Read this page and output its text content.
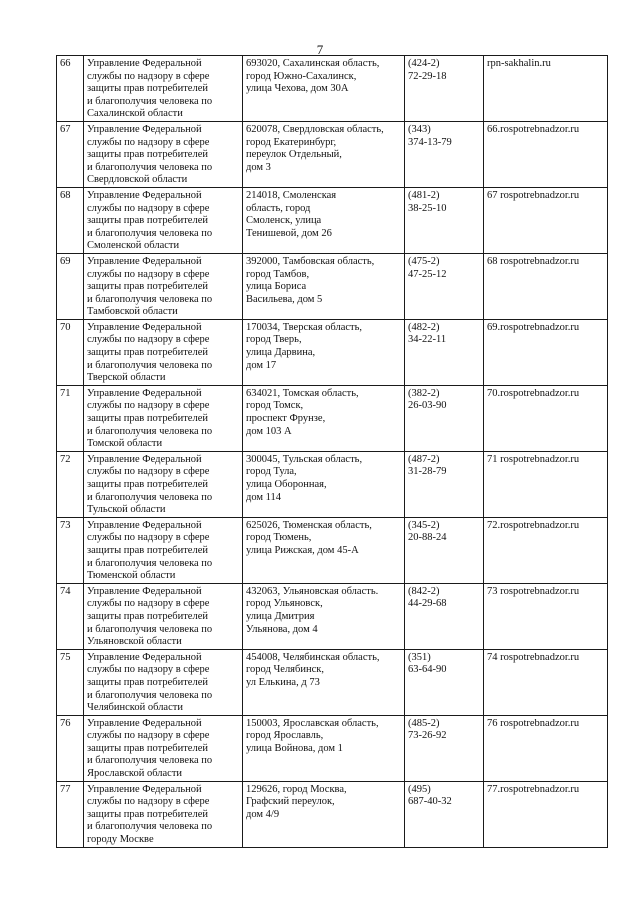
7
66	Управление Федеральной
службы по надзору в сфере
защиты прав потребителей
и благополучия человека по
Сахалинской области	693020, Сахалинская область,
город Южно-Сахалинск,
улица Чехова, дом 30А	(424-2)
72-29-18	rpn-sakhalin.ru
67	Управление Федеральной
службы по надзору в сфере
защиты прав потребителей
и благополучия человека по
Свердловской области	620078, Свердловская область,
город Екатеринбург,
переулок Отдельный,
дом 3	(343)
374-13-79	66.rospotrebnadzor.ru
68	Управление Федеральной
службы по надзору в сфере
защиты прав потребителей
и благополучия человека по
Смоленской области	214018, Смоленская
область, город
Смоленск, улица
Тенишевой, дом 26	(481-2)
38-25-10	67 rospotrebnadzor.ru
69	Управление Федеральной
службы по надзору в сфере
защиты прав потребителей
и благополучия человека по
Тамбовской области	392000, Тамбовская область,
город Тамбов,
улица Бориса
Васильева, дом 5	(475-2)
47-25-12	68 rospotrebnadzor.ru
70	Управление Федеральной
службы по надзору в сфере
защиты прав потребителей
и благополучия человека по
Тверской области	170034, Тверская область,
город Тверь,
улица Дарвина,
дом 17	(482-2)
34-22-11	69.rospotrebnadzor.ru
71	Управление Федеральной
службы по надзору в сфере
защиты прав потребителей
и благополучия человека по
Томской области	634021, Томская область,
город Томск,
проспект Фрунзе,
дом 103 А	(382-2)
26-03-90	70.rospotrebnadzor.ru
72	Управление Федеральной
службы по надзору в сфере
защиты прав потребителей
и благополучия человека по
Тульской области	300045, Тульская область,
город Тула,
улица Оборонная,
дом 114	(487-2)
31-28-79	71 rospotrebnadzor.ru
73	Управление Федеральной
службы по надзору в сфере
защиты прав потребителей
и благополучия человека по
Тюменской области	625026, Тюменская область,
город Тюмень,
улица Рижская, дом 45-А	(345-2)
20-88-24	72.rospotrebnadzor.ru
74	Управление Федеральной
службы по надзору в сфере
защиты прав потребителей
и благополучия человека по
Ульяновской области	432063, Ульяновская область.
город Ульяновск,
улица Дмитрия
Ульянова, дом 4	(842-2)
44-29-68	73 rospotrebnadzor.ru
75	Управление Федеральной
службы по надзору в сфере
защиты прав потребителей
и благополучия человека по
Челябинской области	454008, Челябинская область,
город Челябинск,
ул Елькина, д 73	(351)
63-64-90	74 rospotrebnadzor.ru
76	Управление Федеральной
службы по надзору в сфере
защиты прав потребителей
и благополучия человека по
Ярославской области	150003, Ярославская область,
город Ярославль,
улица Войнова, дом 1	(485-2)
73-26-92	76 rospotrebnadzor.ru
77	Управление Федеральной
службы по надзору в сфере
защиты прав потребителей
и благополучия человека по
городу Москве	129626, город Москва,
Графский переулок,
дом 4/9	(495)
687-40-32	77.rospotrebnadzor.ru
